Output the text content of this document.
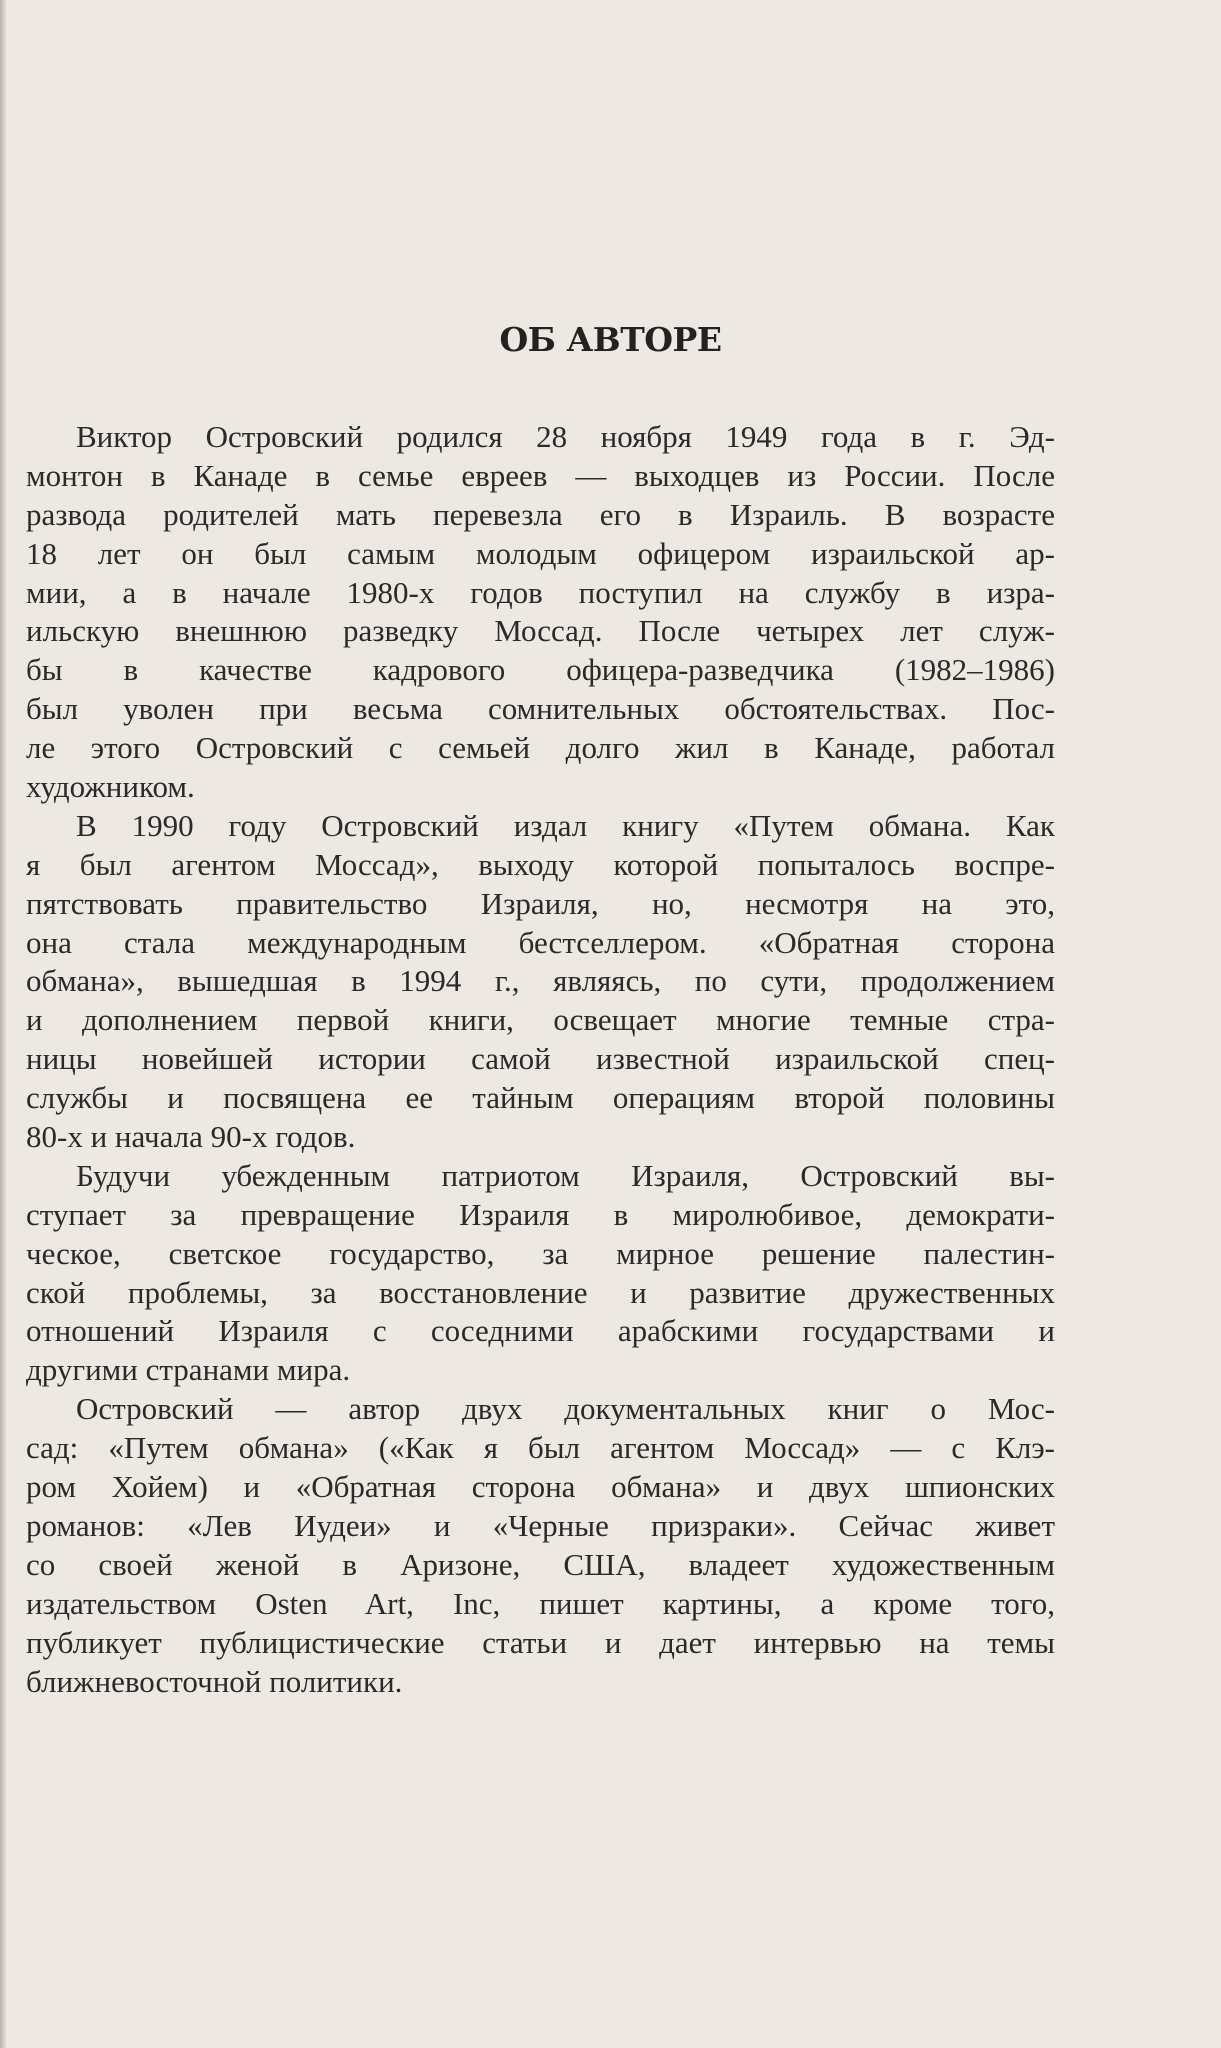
ОБ АВТОРЕ
Виктор Островский родился 28 ноября 1949 года в г. Эд-
монтон в Канаде в семье евреев — выходцев из России. После
развода родителей мать перевезла его в Израиль. В возрасте
18 лет он был самым молодым офицером израильской ар-
мии, а в начале 1980-х годов поступил на службу в изра-
ильскую внешнюю разведку Моссад. После четырех лет служ-
бы в качестве кадрового офицера-разведчика (1982–1986)
был уволен при весьма сомнительных обстоятельствах. Пос-
ле этого Островский с семьей долго жил в Канаде, работал
художником.
В 1990 году Островский издал книгу «Путем обмана. Как
я был агентом Моссад», выходу которой попыталось воспре-
пятствовать правительство Израиля, но, несмотря на это,
она стала международным бестселлером. «Обратная сторона
обмана», вышедшая в 1994 г., являясь, по сути, продолжением
и дополнением первой книги, освещает многие темные стра-
ницы новейшей истории самой известной израильской спец-
службы и посвящена ее тайным операциям второй половины
80-х и начала 90-х годов.
Будучи убежденным патриотом Израиля, Островский вы-
ступает за превращение Израиля в миролюбивое, демократи-
ческое, светское государство, за мирное решение палестин-
ской проблемы, за восстановление и развитие дружественных
отношений Израиля с соседними арабскими государствами и
другими странами мира.
Островский — автор двух документальных книг о Мос-
сад: «Путем обмана» («Как я был агентом Моссад» — с Клэ-
ром Хойем) и «Обратная сторона обмана» и двух шпионских
романов: «Лев Иудеи» и «Черные призраки». Сейчас живет
со своей женой в Аризоне, США, владеет художественным
издательством Osten Art, Inc, пишет картины, а кроме того,
публикует публицистические статьи и дает интервью на темы
ближневосточной политики.
